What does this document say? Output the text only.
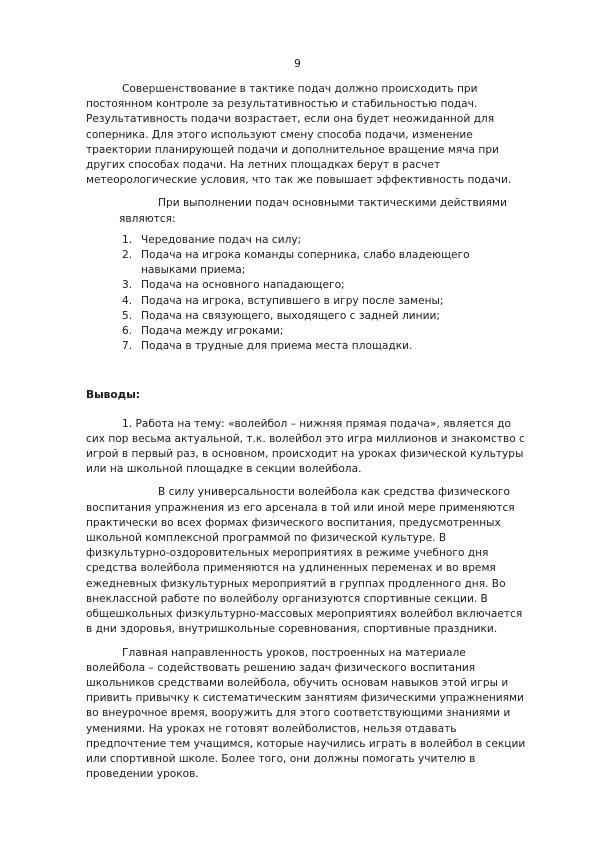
9

Совершенствование в тактике подач должно происходить при постоянном контроле за результативностью и стабильностью подач. Результативность подачи возрастает, если она будет неожиданной для соперника. Для этого используют смену способа подачи, изменение траектории планирующей подачи и дополнительное вращение мяча при других способах подачи. На летних площадках берут в расчет метеорологические условия, что так же повышает эффективность подачи.

При выполнении подач основными тактическими действиями являются:

1. Чередование подач на силу;
2. Подача на игрока команды соперника, слабо владеющего навыками приема;
3. Подача на основного нападающего;
4. Подача на игрока, вступившего в игру после замены;
5. Подача на связующего, выходящего с задней линии;
6. Подача между игроками;
7. Подача в трудные для приема места площадки.
Выводы:

1. Работа на тему: «волейбол – нижняя прямая подача», является до сих пор весьма актуальной, т.к. волейбол это игра миллионов и знакомство с игрой в первый раз, в основном, происходит на уроках физической культуры или на школьной площадке в секции волейбола.

В силу универсальности волейбола как средства физического воспитания упражнения из его арсенала в той или иной мере применяются практически во всех формах физического воспитания, предусмотренных школьной комплексной программой по физической культуре. В физкультурно-оздоровительных мероприятиях в режиме учебного дня средства волейбола применяются на удлиненных переменах и во время ежедневных физкультурных мероприятий в группах продленного дня. Во внеклассной работе по волейболу организуются спортивные секции. В общешкольных физкультурно-массовых мероприятиях волейбол включается в дни здоровья, внутришкольные соревнования, спортивные праздники.

Главная направленность уроков, построенных на материале волейбола – содействовать решению задач физического воспитания школьников средствами волейбола, обучить основам навыков этой игры и привить привычку к систематическим занятиям физическими упражнениями во внеурочное время, вооружить для этого соответствующими знаниями и умениями. На уроках не готовят волейболистов, нельзя отдавать предпочтение тем учащимся, которые научились играть в волейбол в секции или спортивной школе. Более того, они должны помогать учителю в проведении уроков.
